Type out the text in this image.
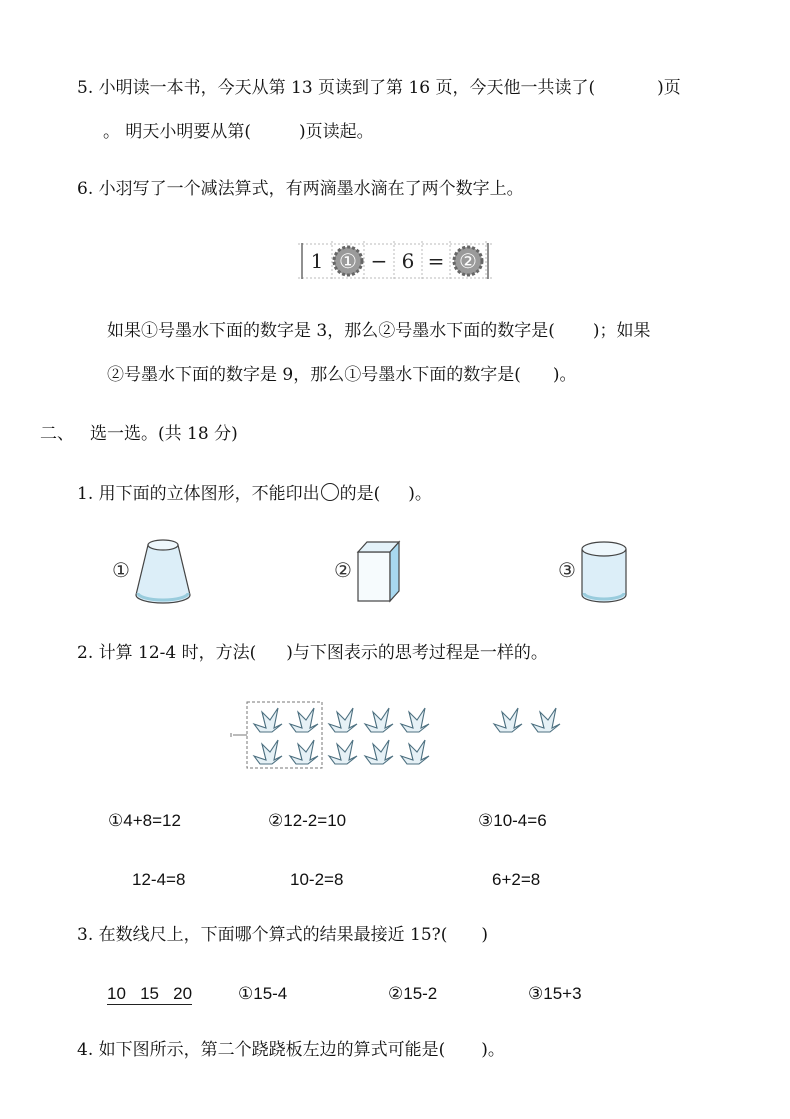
5. 小明读一本书，今天从第 13 页读到了第 16 页，今天他一共读了(	)页
。 明天小明要从第(	)页读起。
6. 小羽写了一个减法算式，有两滴墨水滴在了两个数字上。
1 ① − 6 = ②
如果①号墨水下面的数字是 3，那么②号墨水下面的数字是( )；如果
②号墨水下面的数字是 9，那么①号墨水下面的数字是( )。
二、 选一选。(共 18 分)
1. 用下面的立体图形，不能印出 的是( )。
①	②	③
2. 计算 12-4 时，方法( )与下图表示的思考过程是一样的。
①4+8=12	②12-2=10	③10-4=6
12-4=8	10-2=8	6+2=8
3. 在数线尺上，下面哪个算式的结果最接近 15?( )
10   15   20	①15-4	②15-2	③15+3
4. 如下图所示，第二个跷跷板左边的算式可能是( )。
